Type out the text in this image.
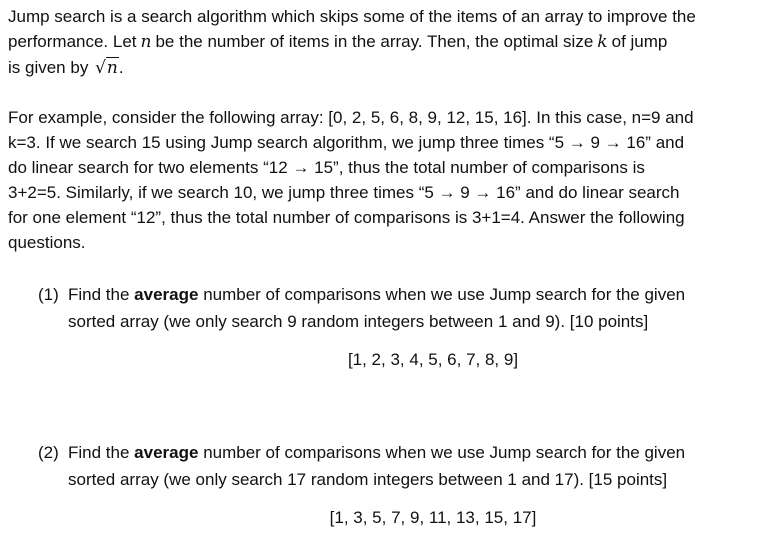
Jump search is a search algorithm which skips some of the items of an array to improve the

performance. Let n be the number of items in the array. Then, the optimal size k of jump

is given by √n.

For example, consider the following array: [0, 2, 5, 6, 8, 9, 12, 15, 16]. In this case, n=9 and

k=3. If we search 15 using Jump search algorithm, we jump three times “5 → 9 → 16” and

do linear search for two elements “12 → 15”, thus the total number of comparisons is

3+2=5. Similarly, if we search 10, we jump three times “5 → 9 → 16” and do linear search

for one element “12”, thus the total number of comparisons is 3+1=4. Answer the following

questions.

(1) Find the average number of comparisons when we use Jump search for the given

sorted array (we only search 9 random integers between 1 and 9). [10 points]

[1, 2, 3, 4, 5, 6, 7, 8, 9]

(2) Find the average number of comparisons when we use Jump search for the given

sorted array (we only search 17 random integers between 1 and 17). [15 points]

[1, 3, 5, 7, 9, 11, 13, 15, 17]
